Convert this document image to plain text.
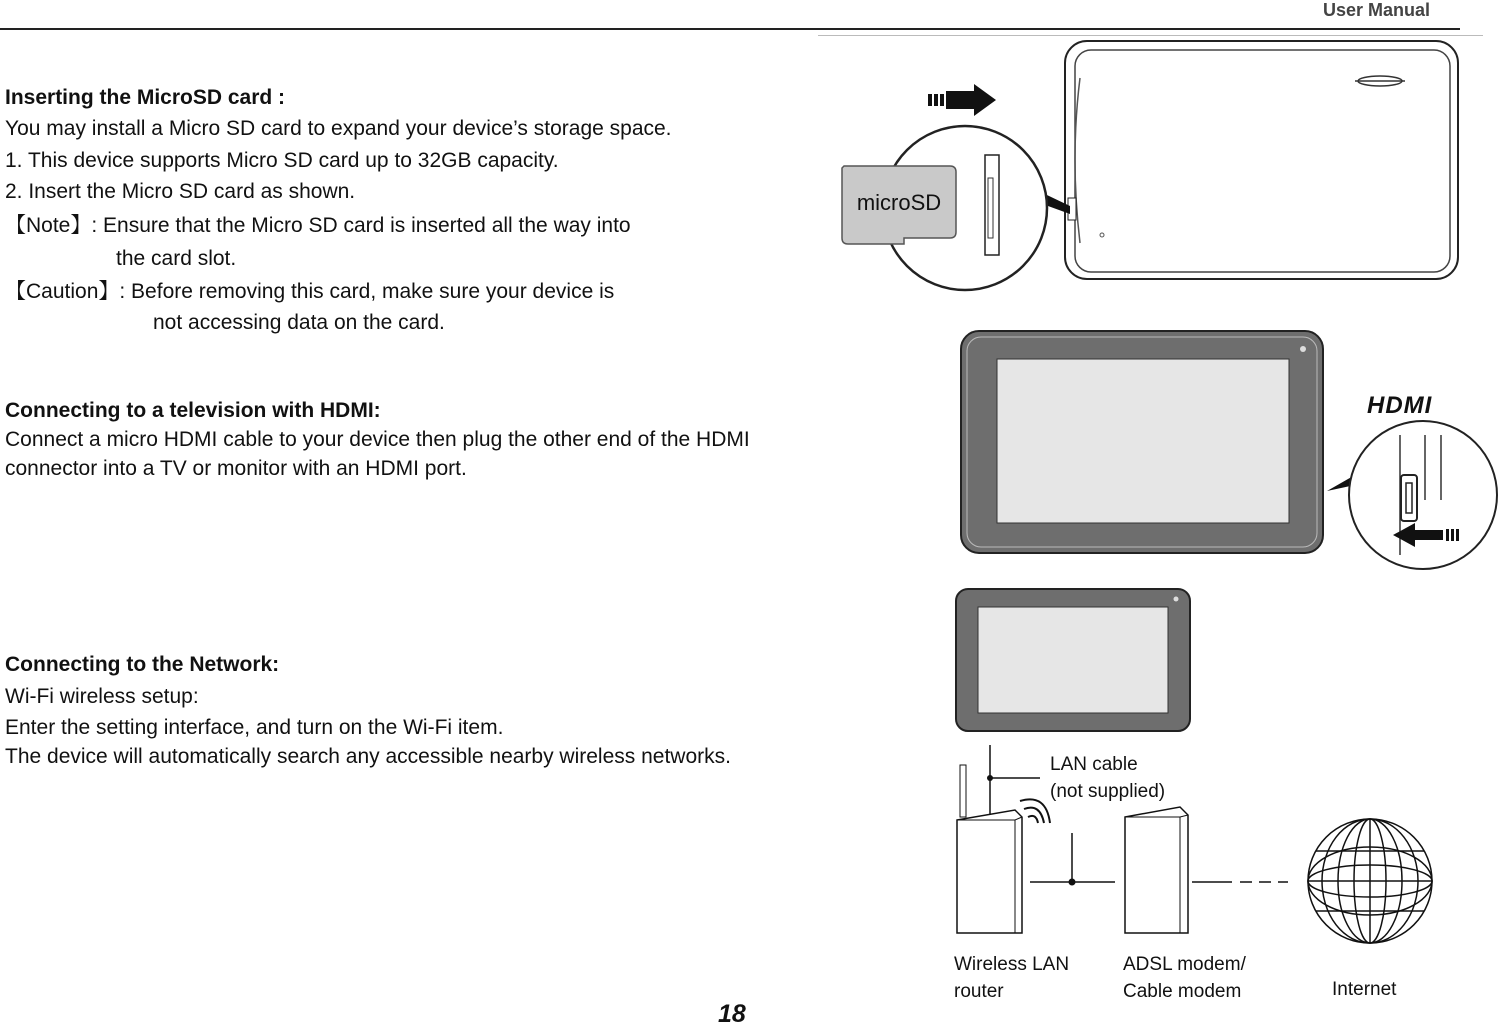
User Manual
Inserting the MicroSD card :
You may install a Micro SD card to expand your device’s storage space.
1. This device supports Micro SD card up to 32GB capacity.
2. Insert the Micro SD card as shown.
【Note】: Ensure that the Micro SD card is inserted all the way into
the card slot.
【Caution】: Before removing this card, make sure your device is
not accessing data on the card.
Connecting to a television with HDMI:
Connect a micro HDMI cable to your device then plug the other end of the HDMI
connector into a TV or monitor with an HDMI port.
Connecting to the Network:
Wi-Fi wireless setup:
Enter the setting interface, and turn on the Wi-Fi item.
The device will automatically search any accessible nearby wireless networks.
microSD
HDMI
LAN cable
(not supplied)
Wireless LAN
router
ADSL modem/
Cable modem	Internet
18
